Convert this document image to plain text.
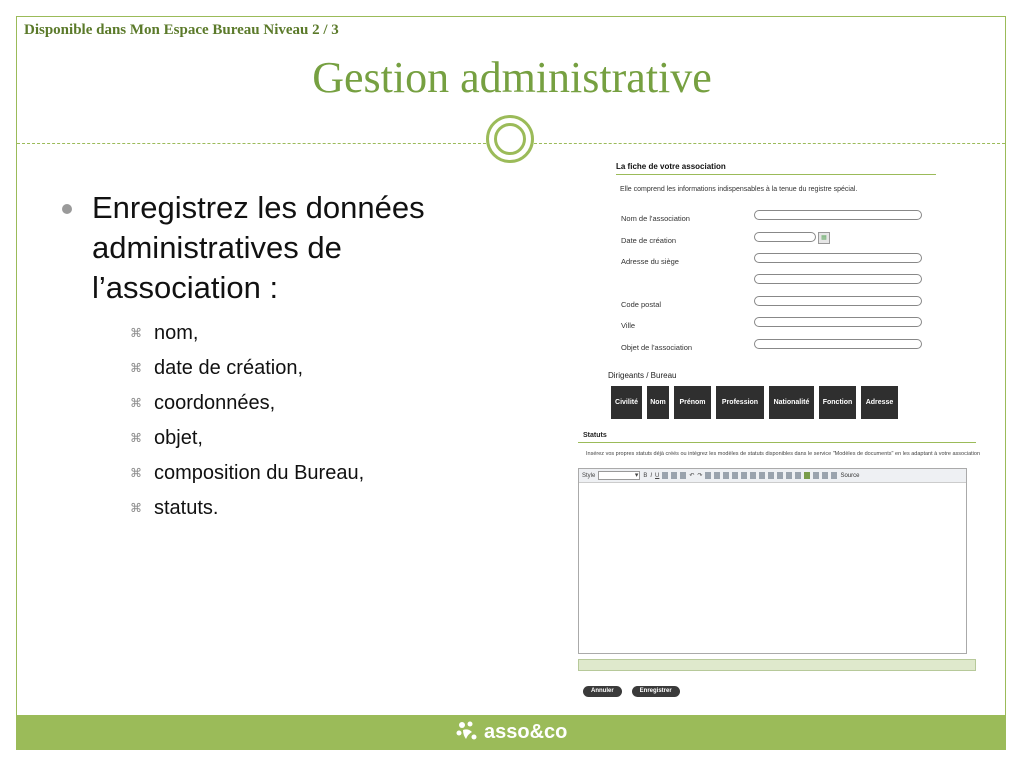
Disponible dans Mon Espace Bureau Niveau 2 / 3
Gestion administrative
Enregistrez les données administratives de l’association :
⌘ nom,
⌘ date de création,
⌘ coordonnées,
⌘ objet,
⌘ composition du Bureau,
⌘ statuts.
La fiche de votre association
Elle comprend les informations indispensables à la tenue du registre spécial.
Nom de l'association
Date de création	▦
Adresse du siège
Code postal
Ville
Objet de l'association
Dirigeants / Bureau
Civilité	Nom	Prénom	Profession	Nationalité	Fonction	Adresse
Statuts
Insérez vos propres statuts déjà créés ou intégrez les modèles de statuts disponibles dans le service "Modèles de documents" en les adaptant à votre association
Style
▾	B I U	↶ ↷	Source
Annuler	Enregistrer
asso&co
